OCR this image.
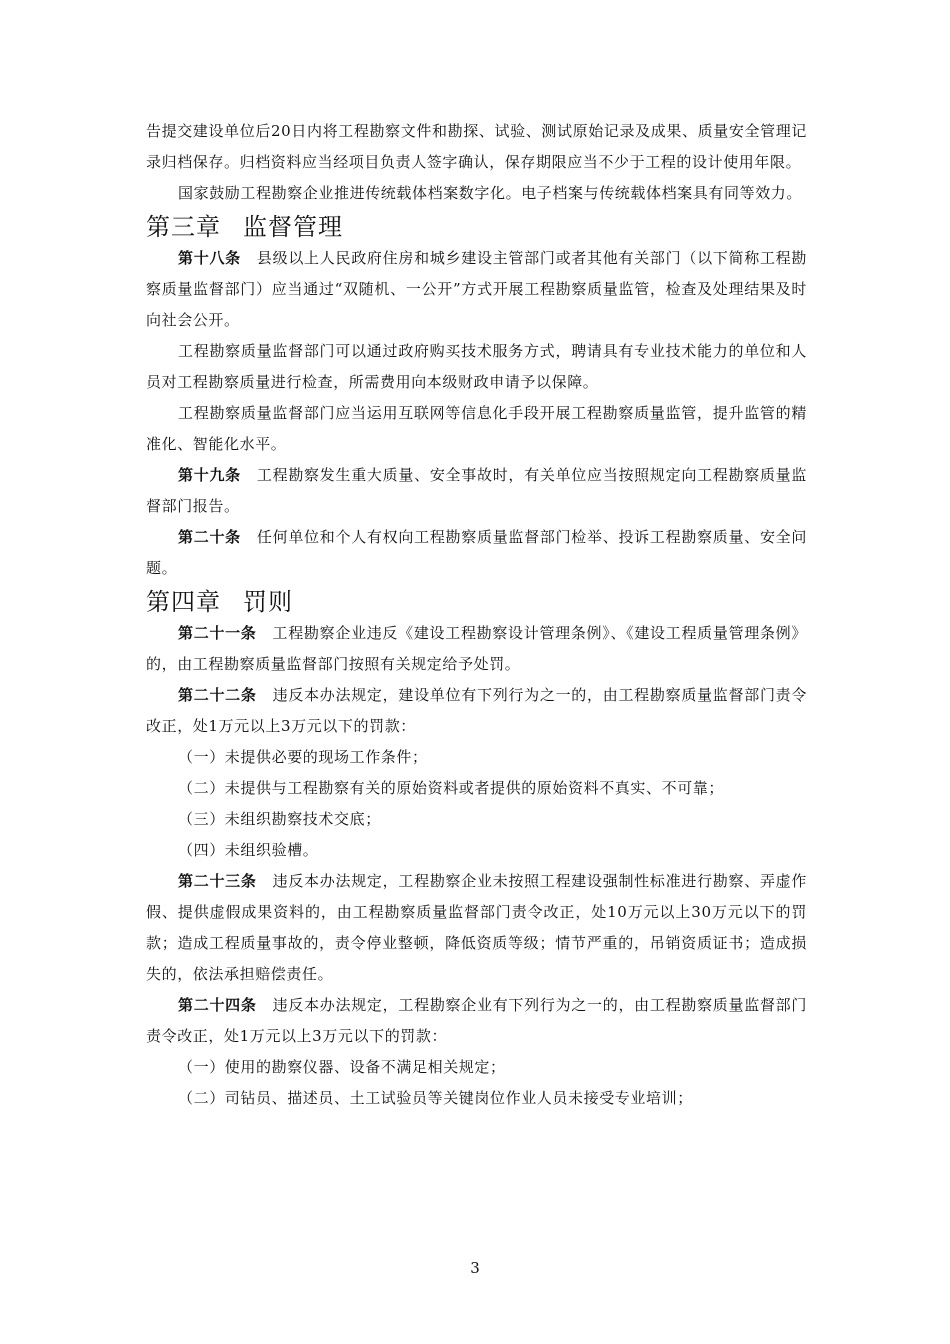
告提交建设单位后20日内将工程勘察文件和勘探、试验、测试原始记录及成果、质量安全管理记录归档保存。归档资料应当经项目负责人签字确认，保存期限应当不少于工程的设计使用年限。

国家鼓励工程勘察企业推进传统载体档案数字化。电子档案与传统载体档案具有同等效力。

第三章 监督管理

第十八条 县级以上人民政府住房和城乡建设主管部门或者其他有关部门（以下简称工程勘察质量监督部门）应当通过“双随机、一公开”方式开展工程勘察质量监管，检查及处理结果及时向社会公开。

工程勘察质量监督部门可以通过政府购买技术服务方式，聘请具有专业技术能力的单位和人员对工程勘察质量进行检查，所需费用向本级财政申请予以保障。

工程勘察质量监督部门应当运用互联网等信息化手段开展工程勘察质量监管，提升监管的精准化、智能化水平。

第十九条 工程勘察发生重大质量、安全事故时，有关单位应当按照规定向工程勘察质量监督部门报告。

第二十条 任何单位和个人有权向工程勘察质量监督部门检举、投诉工程勘察质量、安全问题。

第四章 罚则

第二十一条 工程勘察企业违反《建设工程勘察设计管理条例》、《建设工程质量管理条例》的，由工程勘察质量监督部门按照有关规定给予处罚。

第二十二条 违反本办法规定，建设单位有下列行为之一的，由工程勘察质量监督部门责令改正，处1万元以上3万元以下的罚款：

（一）未提供必要的现场工作条件；

（二）未提供与工程勘察有关的原始资料或者提供的原始资料不真实、不可靠；

（三）未组织勘察技术交底；

（四）未组织验槽。

第二十三条 违反本办法规定，工程勘察企业未按照工程建设强制性标准进行勘察、弄虚作假、提供虚假成果资料的，由工程勘察质量监督部门责令改正，处10万元以上30万元以下的罚款；造成工程质量事故的，责令停业整顿，降低资质等级；情节严重的，吊销资质证书；造成损失的，依法承担赔偿责任。

第二十四条 违反本办法规定，工程勘察企业有下列行为之一的，由工程勘察质量监督部门责令改正，处1万元以上3万元以下的罚款：

（一）使用的勘察仪器、设备不满足相关规定；

（二）司钻员、描述员、土工试验员等关键岗位作业人员未接受专业培训；

3
